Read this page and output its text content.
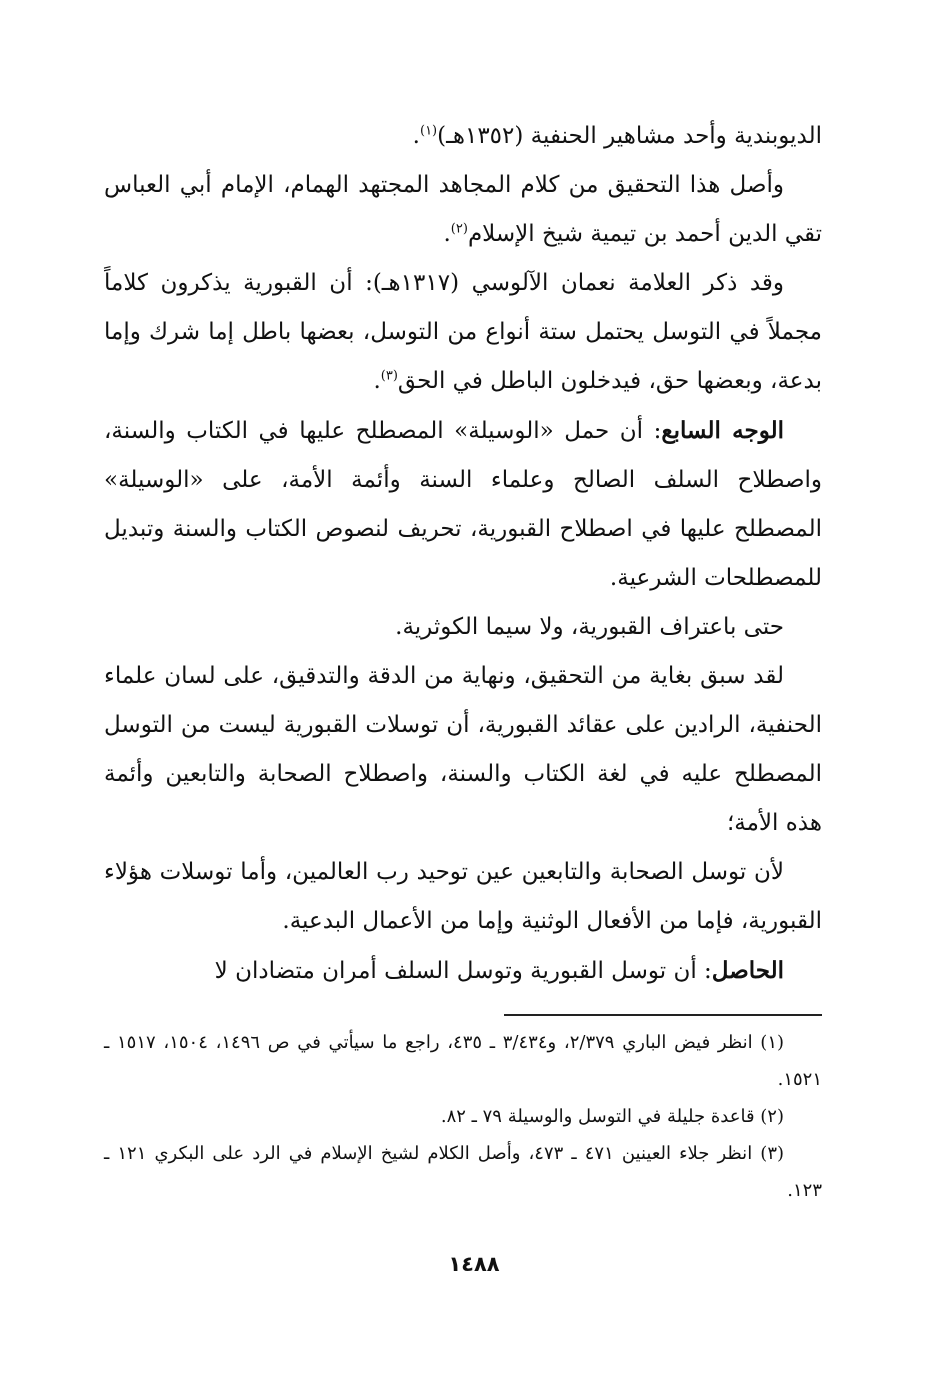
الديوبندية وأحد مشاهير الحنفية (١٣٥٢هـ)$^{(١)}$.

وأصل هذا التحقيق من كلام المجاهد المجتهد الهمام، الإمام أبي العباس تقي الدين أحمد بن تيمية شيخ الإسلام$^{(٢)}$.

وقد ذكر العلامة نعمان الآلوسي (١٣١٧هـ): أن القبورية يذكرون كلاماً مجملاً في التوسل يحتمل ستة أنواع من التوسل، بعضها باطل إما شرك وإما بدعة، وبعضها حق، فيدخلون الباطل في الحق$^{(٣)}$.

الوجه السابع: أن حمل «الوسيلة» المصطلح عليها في الكتاب والسنة، واصطلاح السلف الصالح وعلماء السنة وأئمة الأمة، على «الوسيلة» المصطلح عليها في اصطلاح القبورية، تحريف لنصوص الكتاب والسنة وتبديل للمصطلحات الشرعية.

حتى باعتراف القبورية، ولا سيما الكوثرية.

لقد سبق بغاية من التحقيق، ونهاية من الدقة والتدقيق، على لسان علماء الحنفية، الرادين على عقائد القبورية، أن توسلات القبورية ليست من التوسل المصطلح عليه في لغة الكتاب والسنة، واصطلاح الصحابة والتابعين وأئمة هذه الأمة؛

لأن توسل الصحابة والتابعين عين توحيد رب العالمين، وأما توسلات هؤلاء القبورية، فإما من الأفعال الوثنية وإما من الأعمال البدعية.

الحاصل: أن توسل القبورية وتوسل السلف أمران متضادان لا

(١) انظر فيض الباري ٢/٣٧٩، و٣/٤٣٤ ـ ٤٣٥، راجع ما سيأتي في ص ١٤٩٦، ١٥٠٤، ١٥١٧ ـ ١٥٢١.

(٢) قاعدة جليلة في التوسل والوسيلة ٧٩ ـ ٨٢.

(٣) انظر جلاء العينين ٤٧١ ـ ٤٧٣، وأصل الكلام لشيخ الإسلام في الرد على البكري ١٢١ ـ ١٢٣.

١٤٨٨
